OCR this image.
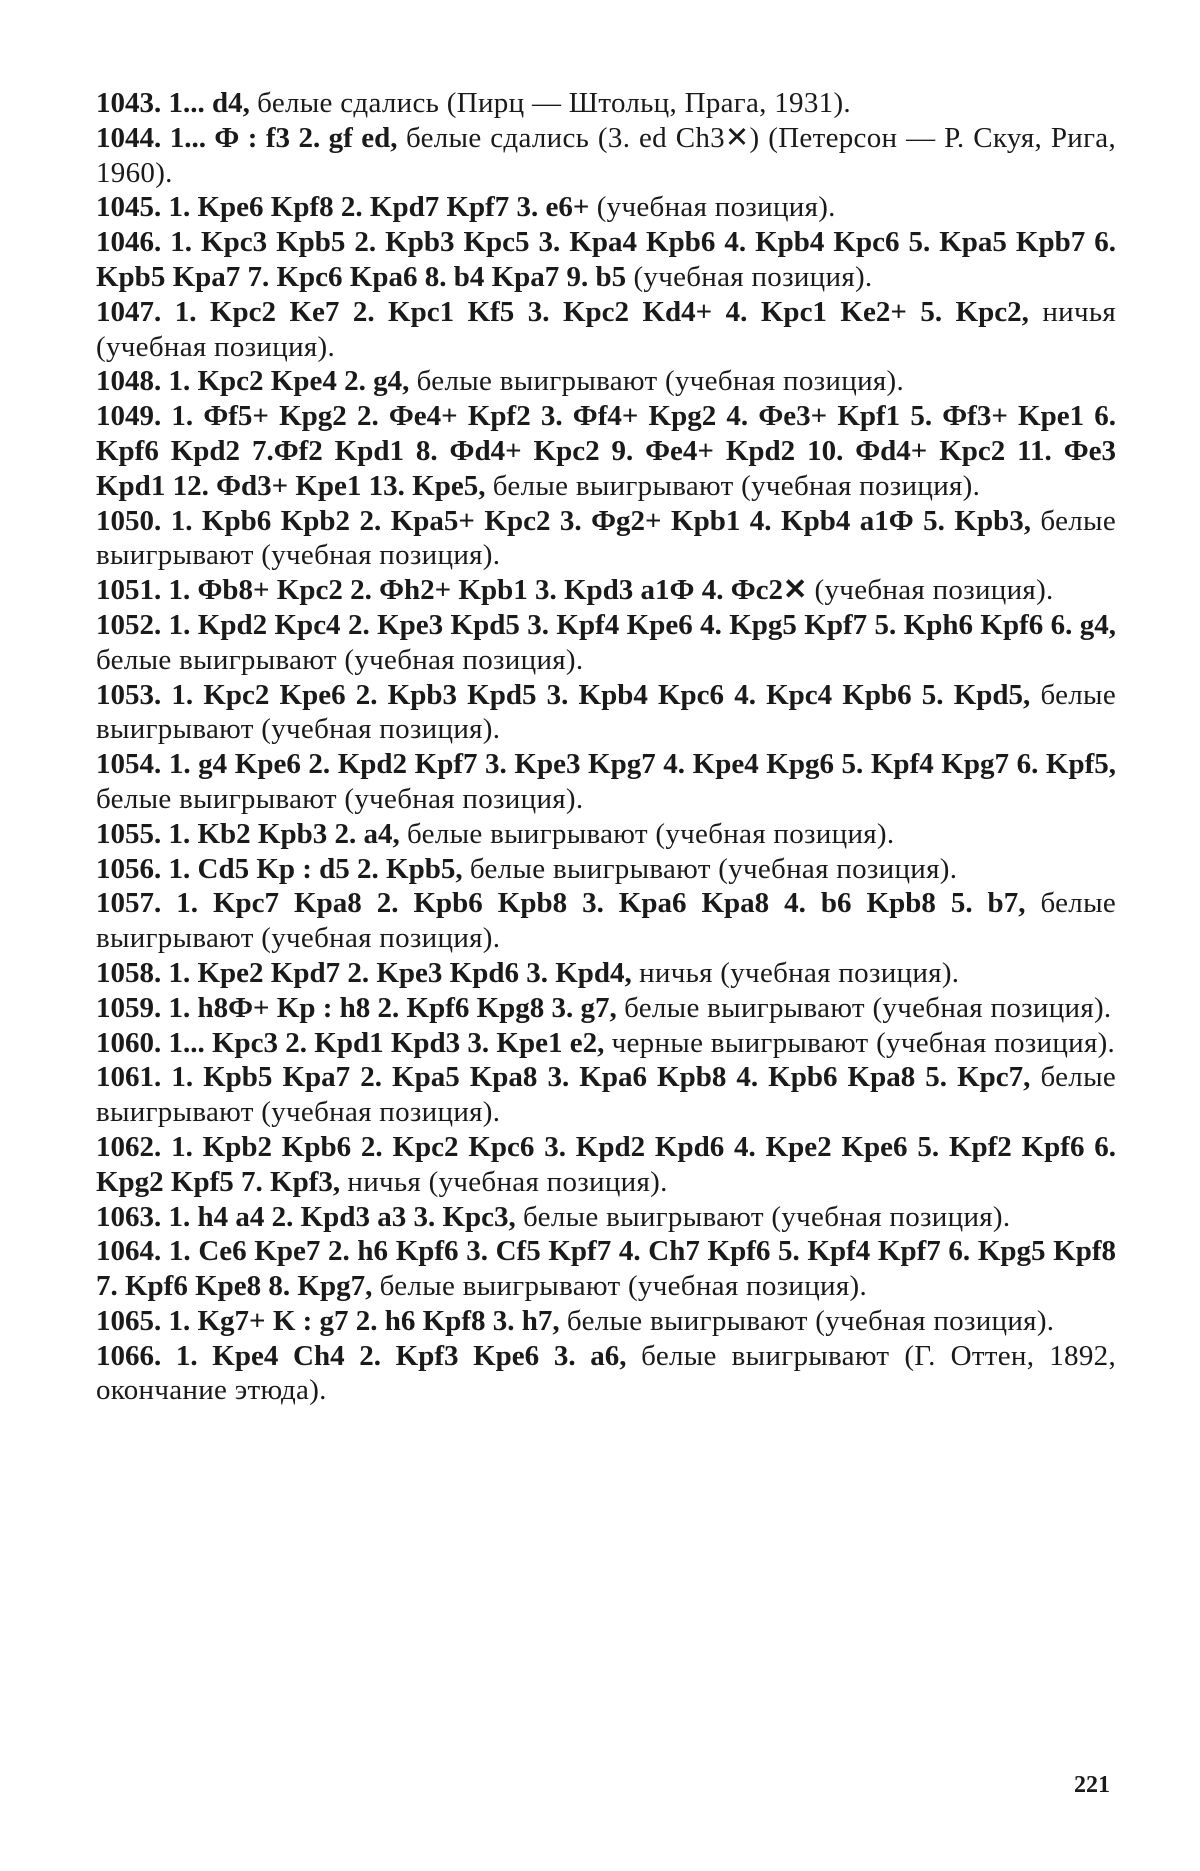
1043. 1... d4, белые сдались (Пирц — Штольц, Прага, 1931).

1044. 1... Ф : f3 2. gf ed, белые сдались (3. ed Ch3✕) (Петерсон — Р. Скуя, Рига, 1960).

1045. 1. Kpe6 Kpf8 2. Kpd7 Kpf7 3. e6+ (учебная позиция).

1046. 1. Kpc3 Kpb5 2. Kpb3 Kpc5 3. Kpa4 Kpb6 4. Kpb4 Kpc6 5. Kpa5 Kpb7 6. Kpb5 Kpa7 7. Kpc6 Kpa6 8. b4 Kpa7 9. b5 (учебная позиция).

1047. 1. Kpc2 Ke7 2. Kpc1 Kf5 3. Kpc2 Kd4+ 4. Kpc1 Ke2+ 5. Kpc2, ничья (учебная позиция).

1048. 1. Kpc2 Kpe4 2. g4, белые выигрывают (учебная позиция).

1049. 1. Фf5+ Kpg2 2. Фe4+ Kpf2 3. Фf4+ Kpg2 4. Фe3+ Kpf1 5. Фf3+ Kpe1 6. Kpf6 Kpd2 7.Фf2 Kpd1 8. Фd4+ Kpc2 9. Фe4+ Kpd2 10. Фd4+ Kpc2 11. Фe3 Kpd1 12. Фd3+ Kpe1 13. Kpe5, белые выигрывают (учебная позиция).

1050. 1. Kpb6 Kpb2 2. Kpa5+ Kpc2 3. Фg2+ Kpb1 4. Kpb4 a1Ф 5. Kpb3, белые выигрывают (учебная позиция).

1051. 1. Фb8+ Kpc2 2. Фh2+ Kpb1 3. Kpd3 a1Ф 4. Фc2✕ (учебная позиция).

1052. 1. Kpd2 Kpc4 2. Kpe3 Kpd5 3. Kpf4 Kpe6 4. Kpg5 Kpf7 5. Kph6 Kpf6 6. g4, белые выигрывают (учебная позиция).

1053. 1. Kpc2 Kpe6 2. Kpb3 Kpd5 3. Kpb4 Kpc6 4. Kpc4 Kpb6 5. Kpd5, белые выигрывают (учебная позиция).

1054. 1. g4 Kpe6 2. Kpd2 Kpf7 3. Kpe3 Kpg7 4. Kpe4 Kpg6 5. Kpf4 Kpg7 6. Kpf5, белые выигрывают (учебная позиция).

1055. 1. Kb2 Kpb3 2. a4, белые выигрывают (учебная позиция).

1056. 1. Cd5 Kp : d5 2. Kpb5, белые выигрывают (учебная позиция).

1057. 1. Kpc7 Kpa8 2. Kpb6 Kpb8 3. Kpa6 Kpa8 4. b6 Kpb8 5. b7, белые выигрывают (учебная позиция).

1058. 1. Kpe2 Kpd7 2. Kpe3 Kpd6 3. Kpd4, ничья (учебная позиция).

1059. 1. h8Ф+ Kp : h8 2. Kpf6 Kpg8 3. g7, белые выигрывают (учебная позиция).

1060. 1... Kpc3 2. Kpd1 Kpd3 3. Kpe1 e2, черные выигрывают (учебная позиция).

1061. 1. Kpb5 Kpa7 2. Kpa5 Kpa8 3. Kpa6 Kpb8 4. Kpb6 Kpa8 5. Kpc7, белые выигрывают (учебная позиция).

1062. 1. Kpb2 Kpb6 2. Kpc2 Kpc6 3. Kpd2 Kpd6 4. Kpe2 Kpe6 5. Kpf2 Kpf6 6. Kpg2 Kpf5 7. Kpf3, ничья (учебная позиция).

1063. 1. h4 a4 2. Kpd3 a3 3. Kpc3, белые выигрывают (учебная позиция).

1064. 1. Ce6 Kpe7 2. h6 Kpf6 3. Cf5 Kpf7 4. Ch7 Kpf6 5. Kpf4 Kpf7 6. Kpg5 Kpf8 7. Kpf6 Kpe8 8. Kpg7, белые выигрывают (учебная позиция).

1065. 1. Kg7+ K : g7 2. h6 Kpf8 3. h7, белые выигрывают (учебная позиция).

1066. 1. Kpe4 Ch4 2. Kpf3 Kpe6 3. a6, белые выигрывают (Г. Оттен, 1892, окончание этюда).

221
